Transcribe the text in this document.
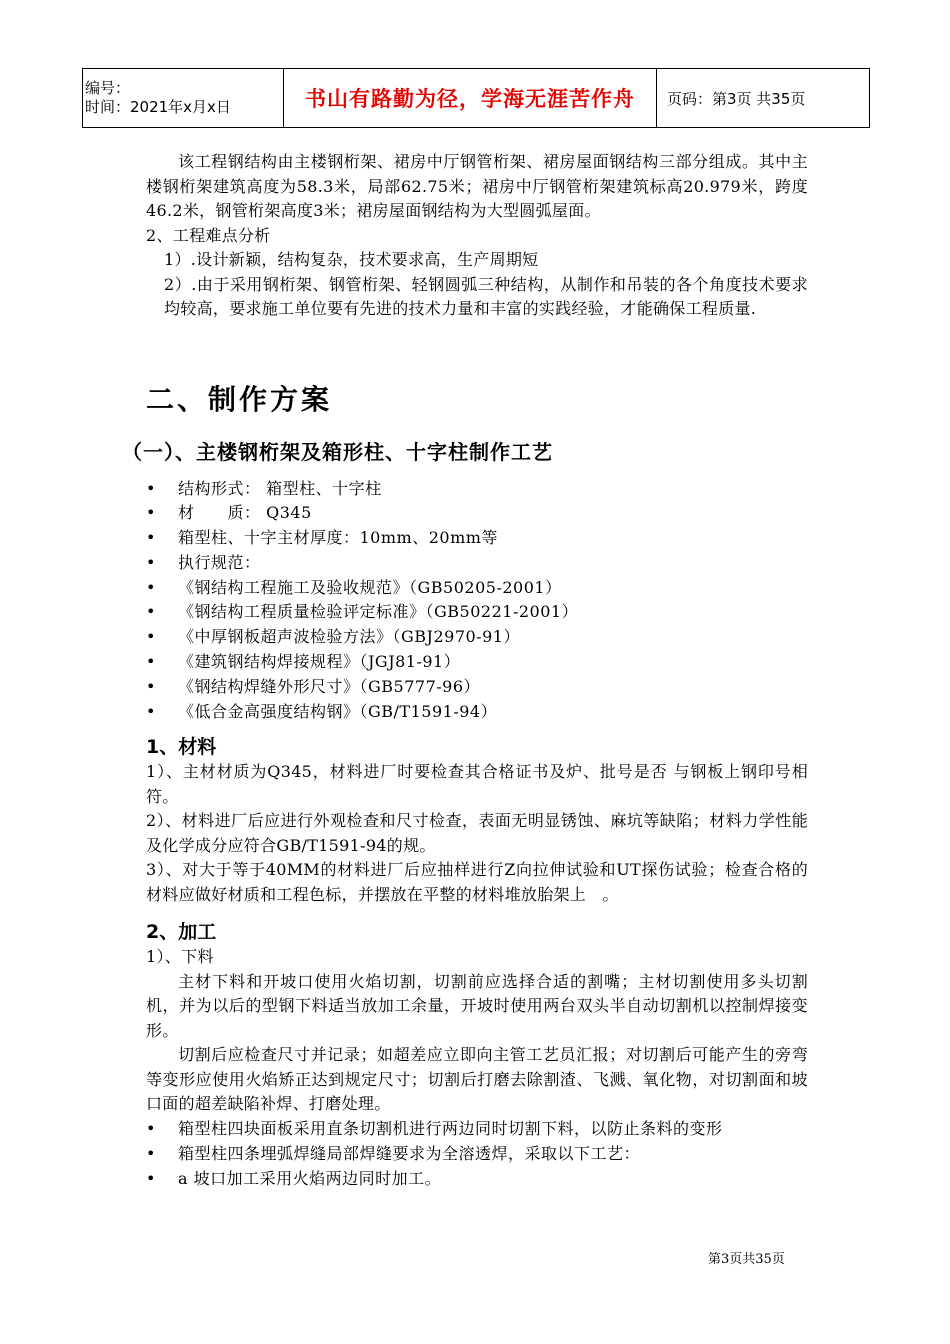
编号：
时间：2021年x月x日	书山有路勤为径，学海无涯苦作舟	页码：第3页 共35页

该工程钢结构由主楼钢桁架、裙房中厅钢管桁架、裙房屋面钢结构三部分组成。其中主楼钢桁架建筑高度为58.3米，局部62.75米；裙房中厅钢管桁架建筑标高20.979米，跨度46.2米，钢管桁架高度3米；裙房屋面钢结构为大型圆弧屋面。

2、工程难点分析

1）.设计新颖，结构复杂，技术要求高，生产周期短

2）.由于采用钢桁架、钢管桁架、轻钢圆弧三种结构，从制作和吊装的各个角度技术要求均较高，要求施工单位要有先进的技术力量和丰富的实践经验，才能确保工程质量.

二、制作方案
（一）、主楼钢桁架及箱形柱、十字柱制作工艺
• 结构形式： 箱型柱、十字柱
• 材　　质： Q345
• 箱型柱、十字主材厚度：10mm、20mm等
• 执行规范：
• 《钢结构工程施工及验收规范》（GB50205-2001）
• 《钢结构工程质量检验评定标准》（GB50221-2001）
• 《中厚钢板超声波检验方法》（GBJ2970-91）
• 《建筑钢结构焊接规程》（JGJ81-91）
• 《钢结构焊缝外形尺寸》（GB5777-96）
• 《低合金高强度结构钢》（GB/T1591-94）
1、材料

1）、主材材质为Q345，材料进厂时要检查其合格证书及炉、批号是否 与钢板上钢印号相符。

2）、材料进厂后应进行外观检查和尺寸检查，表面无明显锈蚀、麻坑等缺陷；材料力学性能及化学成分应符合GB/T1591-94的规。

3）、对大于等于40MM的材料进厂后应抽样进行Z向拉伸试验和UT探伤试验；检查合格的材料应做好材质和工程色标，并摆放在平整的材料堆放胎架上　。

2、加工

1）、下料

主材下料和开坡口使用火焰切割，切割前应选择合适的割嘴；主材切割使用多头切割机，并为以后的型钢下料适当放加工余量，开坡时使用两台双头半自动切割机以控制焊接变形。

切割后应检查尺寸并记录；如超差应立即向主管工艺员汇报；对切割后可能产生的旁弯等变形应使用火焰矫正达到规定尺寸；切割后打磨去除割渣、飞溅、氧化物，对切割面和坡口面的超差缺陷补焊、打磨处理。

• 箱型柱四块面板采用直条切割机进行两边同时切割下料，以防止条料的变形
• 箱型柱四条埋弧焊缝局部焊缝要求为全溶透焊，采取以下工艺：
• a 坡口加工采用火焰两边同时加工。
第3页共35页
